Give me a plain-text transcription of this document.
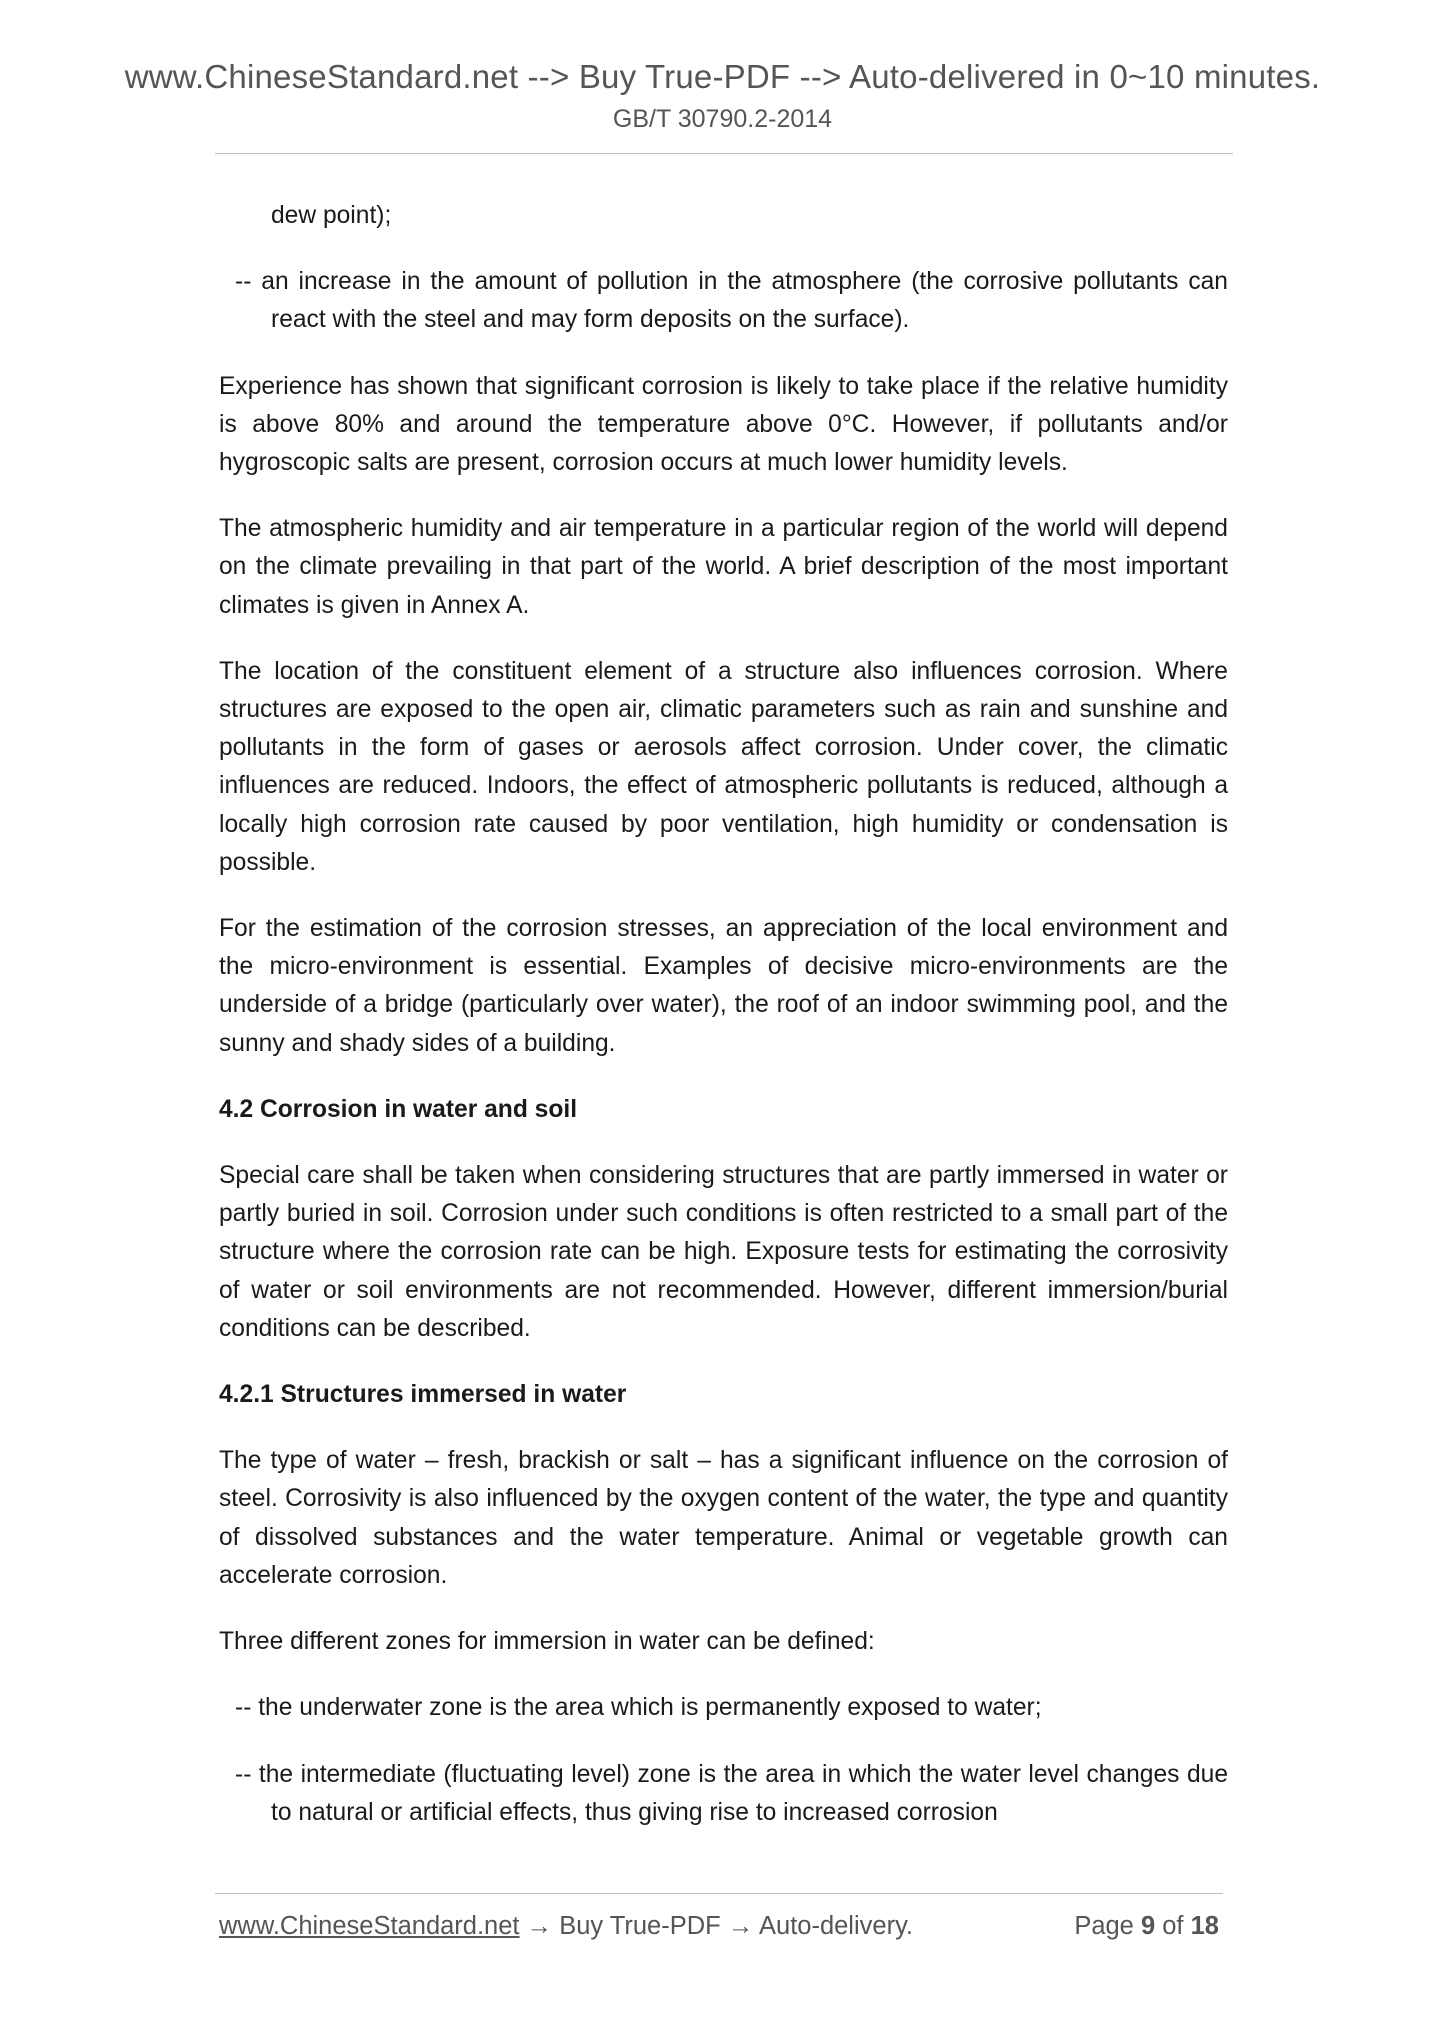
www.ChineseStandard.net --> Buy True-PDF --> Auto-delivered in 0~10 minutes.
GB/T 30790.2-2014

dew point);

-- an increase in the amount of pollution in the atmosphere (the corrosive pollutants can react with the steel and may form deposits on the surface).

Experience has shown that significant corrosion is likely to take place if the relative humidity is above 80% and around the temperature above 0°C. However, if pollutants and/or hygroscopic salts are present, corrosion occurs at much lower humidity levels.

The atmospheric humidity and air temperature in a particular region of the world will depend on the climate prevailing in that part of the world. A brief description of the most important climates is given in Annex A.

The location of the constituent element of a structure also influences corrosion. Where structures are exposed to the open air, climatic parameters such as rain and sunshine and pollutants in the form of gases or aerosols affect corrosion. Under cover, the climatic influences are reduced. Indoors, the effect of atmospheric pollutants is reduced, although a locally high corrosion rate caused by poor ventilation, high humidity or condensation is possible.

For the estimation of the corrosion stresses, an appreciation of the local environment and the micro-environment is essential. Examples of decisive micro-environments are the underside of a bridge (particularly over water), the roof of an indoor swimming pool, and the sunny and shady sides of a building.

4.2 Corrosion in water and soil

Special care shall be taken when considering structures that are partly immersed in water or partly buried in soil. Corrosion under such conditions is often restricted to a small part of the structure where the corrosion rate can be high. Exposure tests for estimating the corrosivity of water or soil environments are not recommended. However, different immersion/burial conditions can be described.

4.2.1 Structures immersed in water

The type of water – fresh, brackish or salt – has a significant influence on the corrosion of steel. Corrosivity is also influenced by the oxygen content of the water, the type and quantity of dissolved substances and the water temperature. Animal or vegetable growth can accelerate corrosion.

Three different zones for immersion in water can be defined:

-- the underwater zone is the area which is permanently exposed to water;

-- the intermediate (fluctuating level) zone is the area in which the water level changes due to natural or artificial effects, thus giving rise to increased corrosion

www.ChineseStandard.net → Buy True-PDF → Auto-delivery.	Page 9 of 18
